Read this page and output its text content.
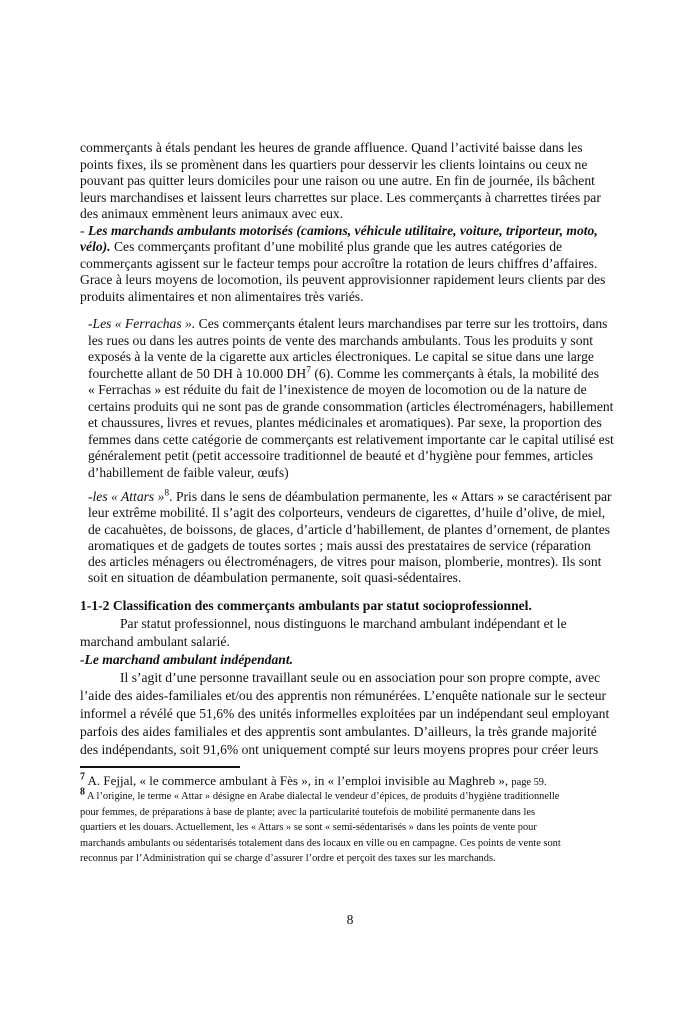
commerçants à étals pendant les heures de grande affluence. Quand l’activité baisse dans les
points fixes, ils se promènent dans les quartiers pour desservir les clients lointains ou ceux ne
pouvant pas quitter leurs domiciles pour une raison ou une autre. En fin de journée, ils bâchent
leurs marchandises et laissent leurs charrettes sur place. Les commerçants à charrettes tirées par
des animaux emmènent leurs animaux avec eux.
- Les marchands ambulants motorisés (camions, véhicule utilitaire, voiture, triporteur, moto,
vélo). Ces commerçants profitant d’une mobilité plus grande que les autres catégories de
commerçants agissent sur le facteur temps pour accroître la rotation de leurs chiffres d’affaires.
Grace à leurs moyens de locomotion, ils peuvent approvisionner rapidement leurs clients par des
produits alimentaires et non alimentaires très variés.
-Les « Ferrachas ». Ces commerçants étalent leurs marchandises par terre sur les trottoirs, dans
les rues ou dans les autres points de vente des marchands ambulants. Tous les produits y sont
exposés à la vente de la cigarette aux articles électroniques. Le capital se situe dans une large
fourchette allant de 50 DH à 10.000 $DH^7$ (6). Comme les commerçants à étals, la mobilité des
« Ferrachas » est réduite du fait de l’inexistence de moyen de locomotion ou de la nature de
certains produits qui ne sont pas de grande consommation (articles électroménagers, habillement
et chaussures, livres et revues, plantes médicinales et aromatiques). Par sexe, la proportion des
femmes dans cette catégorie de commerçants est relativement importante car le capital utilisé est
généralement petit (petit accessoire traditionnel de beauté et d’hygiène pour femmes, articles
d’habillement de faible valeur, œufs)
-les « Attars »$^8$. Pris dans le sens de déambulation permanente, les « Attars » se caractérisent par
leur extrême mobilité. Il s’agit des colporteurs, vendeurs de cigarettes, d’huile d’olive, de miel,
de cacahuètes, de boissons, de glaces, d’article d’habillement, de plantes d’ornement, de plantes
aromatiques et de gadgets de toutes sortes ; mais aussi des prestataires de service (réparation
des articles ménagers ou électroménagers, de vitres pour maison, plomberie, montres). Ils sont
soit en situation de déambulation permanente, soit quasi-sédentaires.
1-1-2 Classification des commerçants ambulants par statut socioprofessionnel.
Par statut professionnel, nous distinguons le marchand ambulant indépendant et le
marchand ambulant salarié.
-Le marchand ambulant indépendant.
Il s’agit d’une personne travaillant seule ou en association pour son propre compte, avec
l’aide des aides-familiales et/ou des apprentis non rémunérées. L’enquête nationale sur le secteur
informel a révélé que 51,6% des unités informelles exploitées par un indépendant seul employant
parfois des aides familiales et des apprentis sont ambulantes. D’ailleurs, la très grande majorité
des indépendants, soit 91,6% ont uniquement compté sur leurs moyens propres pour créer leurs
$^7$ A. Fejjal, « le commerce ambulant à Fès », in « l’emploi invisible au Maghreb », page 59.
8 A l’origine, le terme « Attar » désigne en Arabe dialectal le vendeur d’épices, de produits d’hygiène traditionnelle
pour femmes, de préparations à base de plante; avec la particularité toutefois de mobilité permanente dans les
quartiers et les douars. Actuellement, les « Attars » se sont « semi-sédentarisés » dans les points de vente pour
marchands ambulants ou sédentarisés totalement dans des locaux en ville ou en campagne. Ces points de vente sont
reconnus par l’Administration qui se charge d’assurer l’ordre et perçoit des taxes sur les marchands.
8
